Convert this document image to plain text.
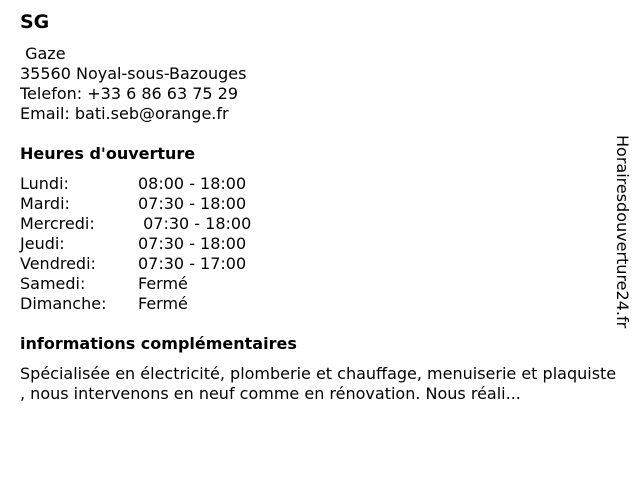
SG
Gaze
35560 Noyal-sous-Bazouges
Telefon: +33 6 86 63 75 29
Email: bati.seb@orange.fr
Heures d'ouverture
Lundi:	08:00 - 18:00
Mardi:	07:30 - 18:00
Mercredi:	07:30 - 18:00
Jeudi:	07:30 - 18:00
Vendredi:	07:30 - 17:00
Samedi:	Fermé
Dimanche:	Fermé
informations complémentaires
Spécialisée en électricité, plomberie et chauffage, menuiserie et plaquiste , nous intervenons en neuf comme en rénovation. Nous réali...
Horairesdouverture24.fr
